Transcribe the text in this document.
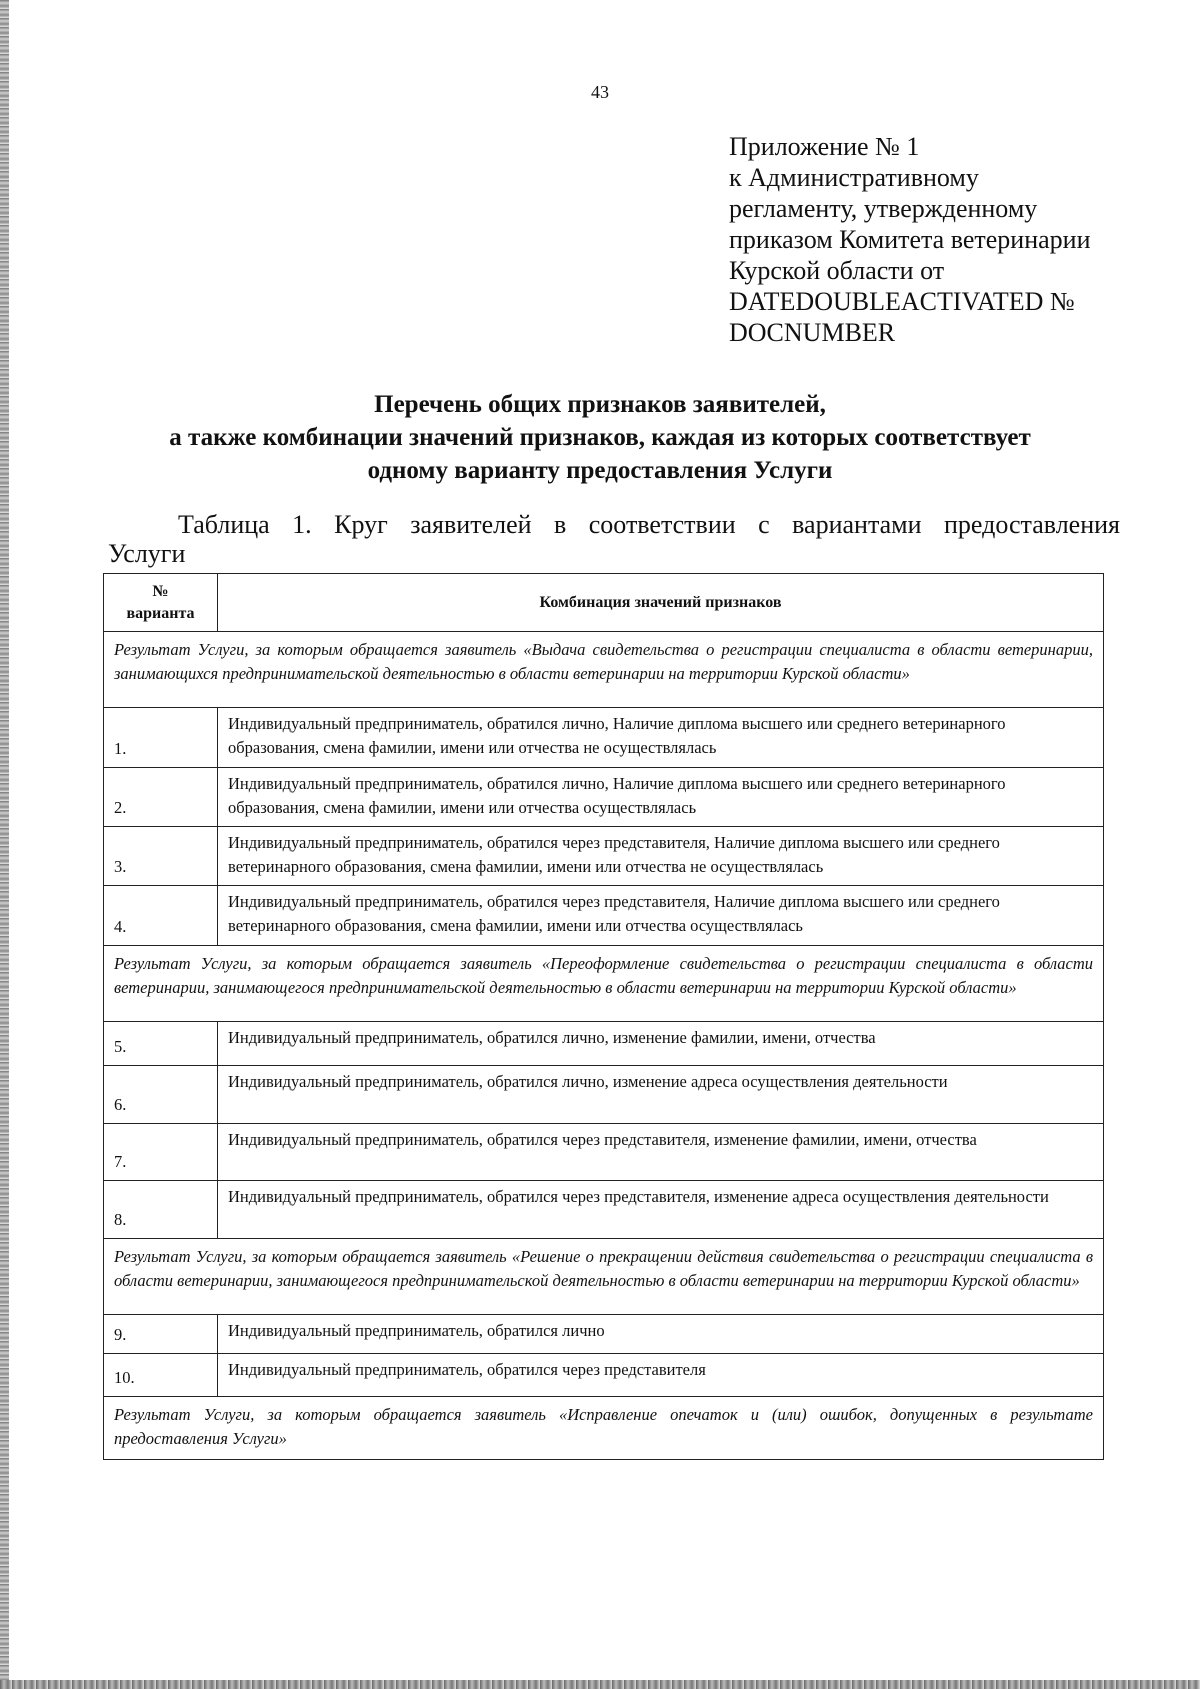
43
Приложение № 1
к Административному
регламенту, утвержденному
приказом Комитета ветеринарии
Курской области от
DATEDOUBLEACTIVATED №
DOCNUMBER
Перечень общих признаков заявителей,
а также комбинации значений признаков, каждая из которых соответствует
одному варианту предоставления Услуги
Таблица 1. Круг заявителей в соответствии с вариантами предоставления
Услуги
№
варианта	Комбинация значений признаков
Результат Услуги, за которым обращается заявитель «Выдача свидетельства о регистрации специалиста в области ветеринарии, занимающихся предпринимательской деятельностью в области ветеринарии на территории Курской области»	
1.	Индивидуальный предприниматель, обратился лично, Наличие диплома высшего или среднего ветеринарного образования, смена фамилии, имени или отчества не осуществлялась
2.	Индивидуальный предприниматель, обратился лично, Наличие диплома высшего или среднего ветеринарного образования, смена фамилии, имени или отчества осуществлялась
3.	Индивидуальный предприниматель, обратился через представителя, Наличие диплома высшего или среднего ветеринарного образования, смена фамилии, имени или отчества не осуществлялась
4.	Индивидуальный предприниматель, обратился через представителя, Наличие диплома высшего или среднего ветеринарного образования, смена фамилии, имени или отчества осуществлялась
Результат Услуги, за которым обращается заявитель «Переоформление свидетельства о регистрации специалиста в области ветеринарии, занимающегося предпринимательской деятельностью в области ветеринарии на территории Курской области»	
5.	Индивидуальный предприниматель, обратился лично, изменение фамилии, имени, отчества
6.	Индивидуальный предприниматель, обратился лично, изменение адреса осуществления деятельности
7.	Индивидуальный предприниматель, обратился через представителя, изменение фамилии, имени, отчества
8.	Индивидуальный предприниматель, обратился через представителя, изменение адреса осуществления деятельности
Результат Услуги, за которым обращается заявитель «Решение о прекращении действия свидетельства о регистрации специалиста в области ветеринарии, занимающегося предпринимательской деятельностью в области ветеринарии на территории Курской области»	
9.	Индивидуальный предприниматель, обратился лично
10.	Индивидуальный предприниматель, обратился через представителя
Результат Услуги, за которым обращается заявитель «Исправление опечаток и (или) ошибок, допущенных в результате предоставления Услуги»	
